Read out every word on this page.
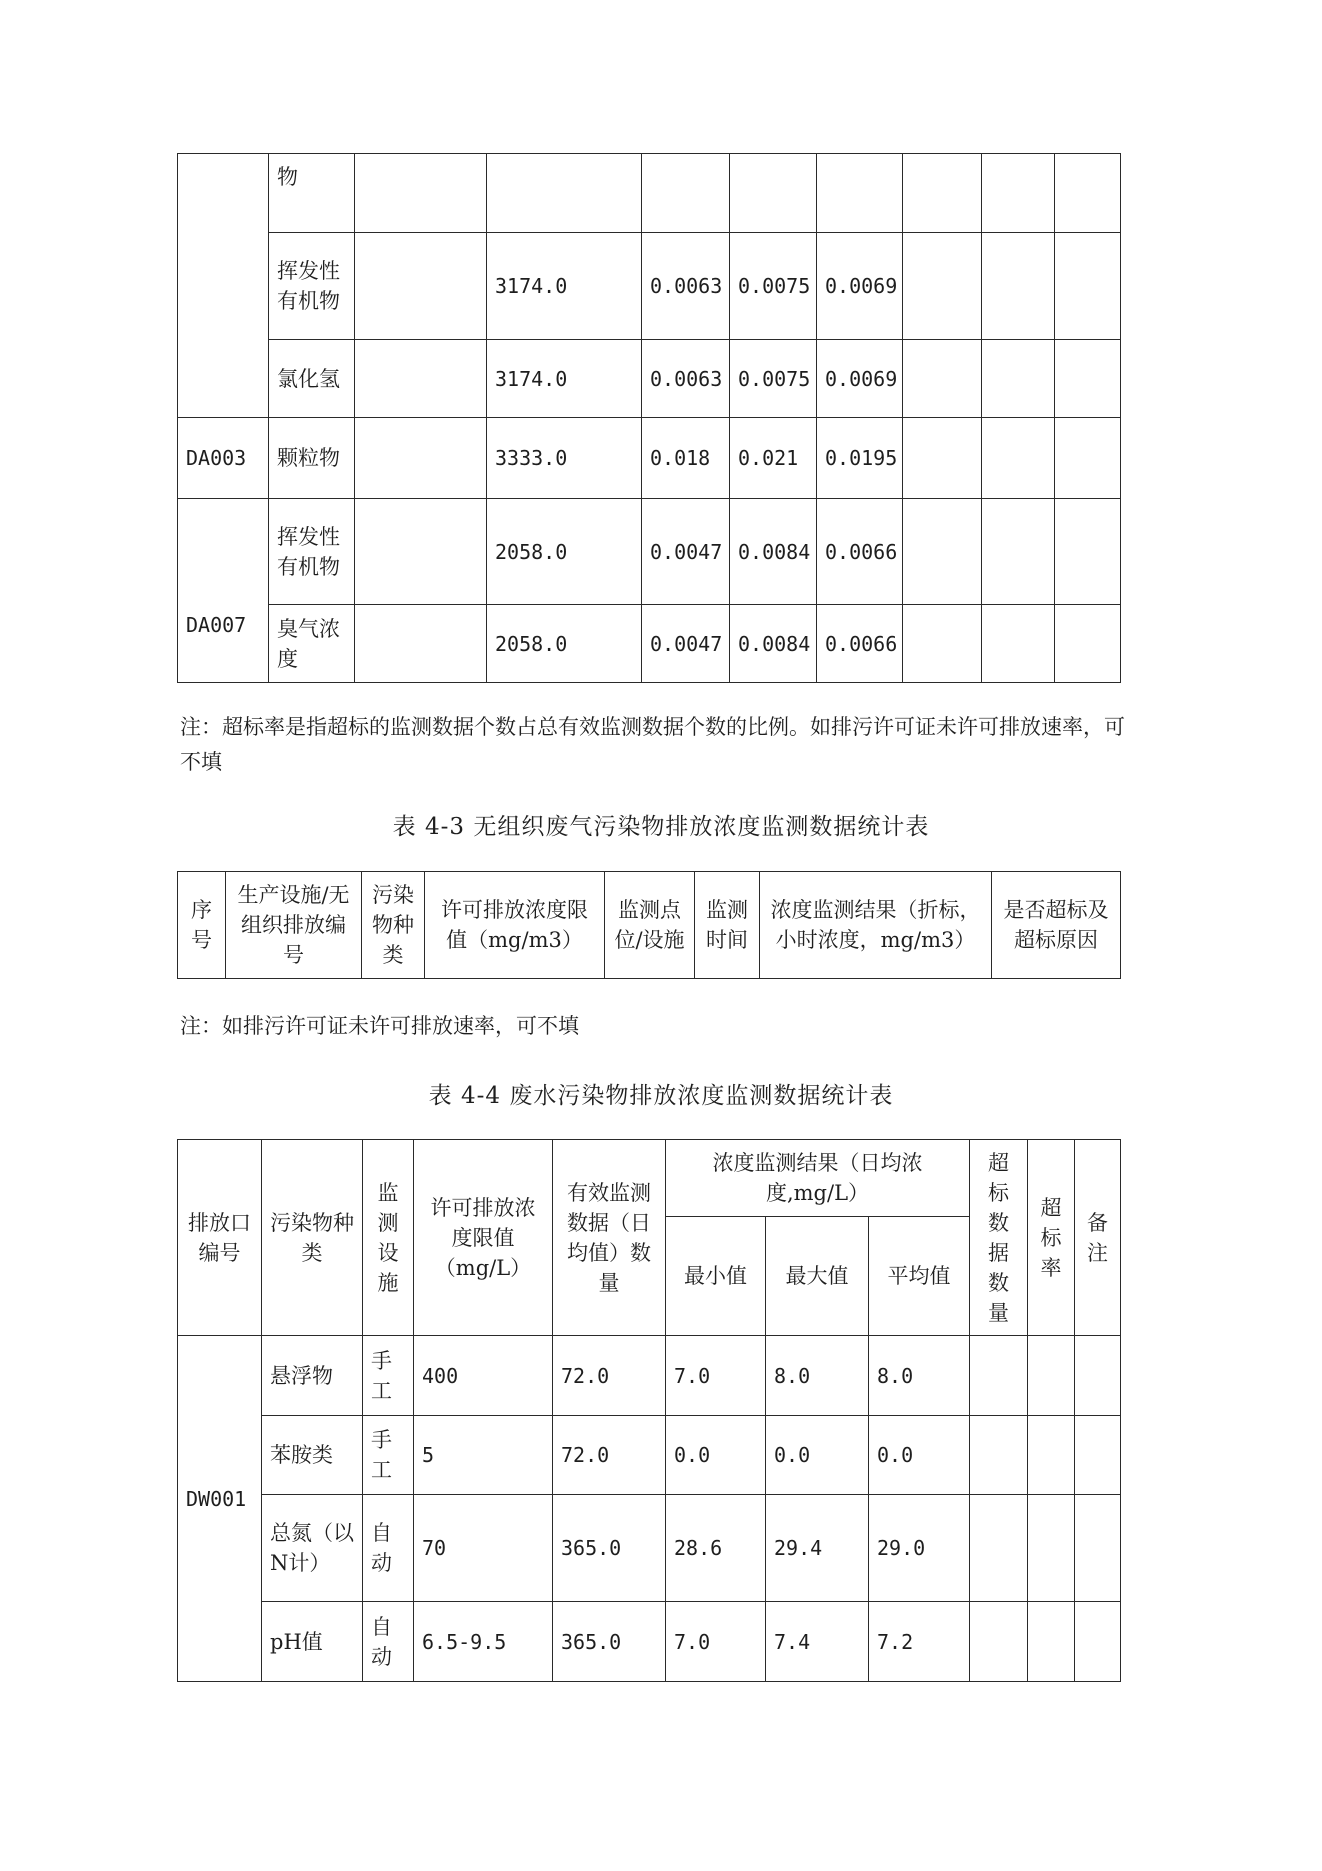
	物								
	挥发性有机物		3174.0	0.0063	0.0075	0.0069			
	氯化氢		3174.0	0.0063	0.0075	0.0069			
DA003	颗粒物		3333.0	0.018	0.021	0.0195			
DA007	挥发性有机物		2058.0	0.0047	0.0084	0.0066			
	臭气浓度		2058.0	0.0047	0.0084	0.0066			
注：超标率是指超标的监测数据个数占总有效监测数据个数的比例。如排污许可证未许可排放速率，可不填
表 4-3 无组织废气污染物排放浓度监测数据统计表
序号	生产设施/无组织排放编号	污染物种类	许可排放浓度限值（mg/m3）	监测点位/设施	监测时间	浓度监测结果（折标，小时浓度，mg/m3）	是否超标及超标原因
注：如排污许可证未许可排放速率，可不填
表 4-4 废水污染物排放浓度监测数据统计表
排放口编号	污染物种类	监测设施	许可排放浓度限值（mg/L）	有效监测数据（日均值）数量	浓度监测结果（日均浓度,mg/L）			超标数据数量	超标率	备注
					最小值	最大值	平均值			
DW001	悬浮物	手工	400	72.0	7.0	8.0	8.0			
	苯胺类	手工	5	72.0	0.0	0.0	0.0			
	总氮（以N计）	自动	70	365.0	28.6	29.4	29.0			
	pH值	自动	6.5-9.5	365.0	7.0	7.4	7.2			
